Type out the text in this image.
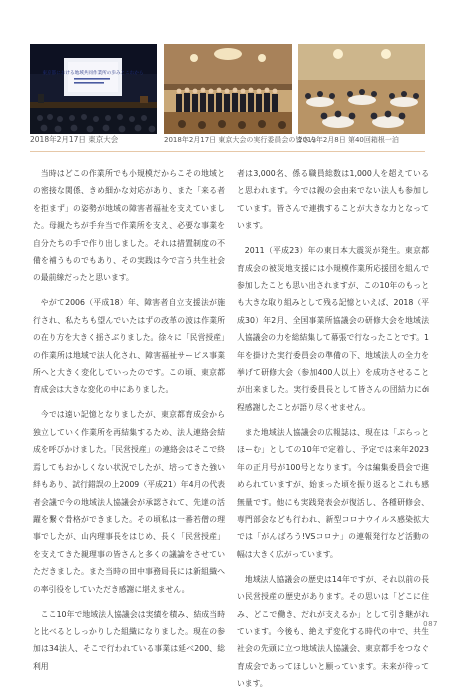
東京都における地域共同作業所の歩みとこれから
2018年2月17日 東京大会	2018年2月17日 東京大会の実行委員会の皆さん
2019年2月8日 第40回箱根一泊

当時はどこの作業所でも小規模だからこその地域との密接な関係、きめ細かな対応があり、また「来る者を拒まず」の姿勢が地域の障害者福祉を支えていました。母親たちが手弁当で作業所を支え、必要な事業を自分たちの手で作り出しました。それは措置制度の不備を補うものでもあり、その実践は今で言う共生社会の最前線だったと思います。

やがて2006（平成18）年、障害者自立支援法が施行され、私たちも望んでいたはずの改革の波は作業所の在り方を大きく揺さぶりました。徐々に「民営授産」の作業所は地域で法人化され、障害福祉サービス事業所へと大きく変化していったのです。この頃、東京都育成会は大きな変化の中にありました。

今では遠い記憶となりましたが、東京都育成会から独立していく作業所を再結集するため、法人連絡会結成を呼びかけました。「民営授産」の連絡会はそこで終焉してもおかしくない状況でしたが、培ってきた強い絆もあり、試行錯誤の上2009（平成21）年4月の代表者会議で今の地域法人協議会が承認されて、先達の活躍を繋ぐ骨格ができました。その頃私は一番若僧の理事でしたが、山内理事長をはじめ、長く「民営授産」を支えてきた親理事の皆さんと多くの議論をさせていただきました。また当時の田中事務局長には新組織への率引役をしていただき感謝に堪えません。

ここ10年で地域法人協議会は実績を積み、結成当時と比べるとしっかりした組織になりました。現在の参加は34法人、そこで行われている事業は延べ200、総利用

者は3,000名、係る職員総数は1,000人を超えていると思われます。今では親の会由来でない法人も参加しています。皆さんで連携することが大きな力となっています。

2011（平成23）年の東日本大震災が発生。東京都育成会の被災地支援には小規模作業所応援団を組んで参加したことも思い出されますが、この10年のもっとも大きな取り組みとして残る記憶といえば、2018（平成30）年2月、全国事業所協議会の研修大会を地域法人協議会の力を総結集して幕張で行なったことです。1年を掛けた実行委員会の準備の下、地域法人の全力を挙げて研修大会（参加400人以上）を成功させることが出来ました。実行委員長として皆さんの団結力にới程感謝したことが語り尽くせません。

また地域法人協議会の広報誌は、現在は「ぷらっとほーむ」としての10年で定着し、予定では来年2023年の正月号が100号となります。今は編集委員会で進められていますが、始まった頃を振り返るとこれも感無量です。他にも実践発表会が復活し、各種研修会、専門部会なども行われ、新型コロナウイルス感染拡大では「がんばろう!VSコロナ」の連報発行など活動の幅は大きく広がっています。

地域法人協議会の歴史は14年ですが、それ以前の長い民営授産の歴史があります。その思いは「どこに住み、どこで働き、だれが支えるか」として引き継がれています。今後も、絶えず変化する時代の中で、共生社会の先頭に立つ地域法人協議会、東京都手をつなぐ育成会であってほしいと願っています。未来が待っています。

087
